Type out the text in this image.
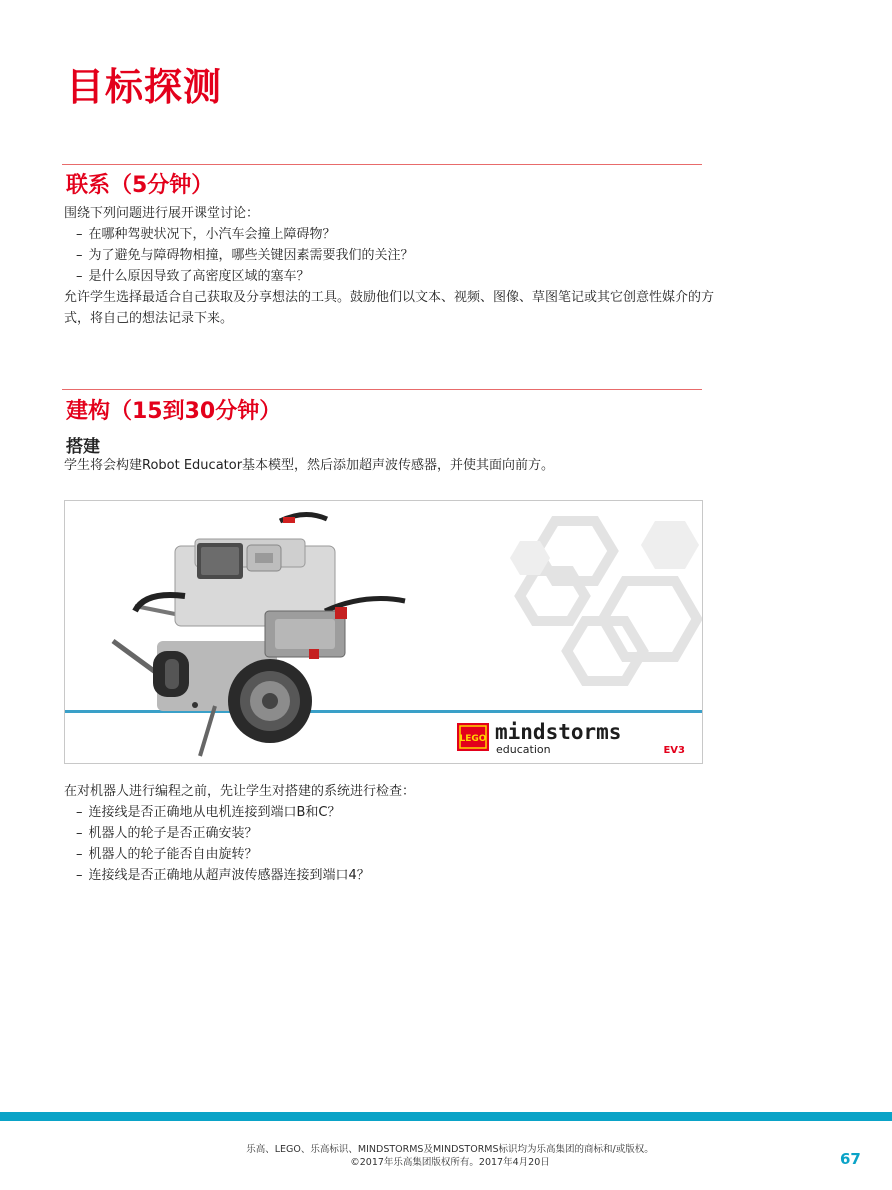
目标探测
联系（5分钟）
围绕下列问题进行展开课堂讨论：
– 在哪种驾驶状况下，小汽车会撞上障碍物？
– 为了避免与障碍物相撞，哪些关键因素需要我们的关注？
– 是什么原因导致了高密度区域的塞车？
允许学生选择最适合自己获取及分享想法的工具。鼓励他们以文本、视频、图像、草图笔记或其它创意性媒介的方式，将自己的想法记录下来。
建构（15到30分钟）
搭建
学生将会构建Robot Educator基本模型，然后添加超声波传感器，并使其面向前方。
LEGO mindstorms
education	EV3
在对机器人进行编程之前，先让学生对搭建的系统进行检查：
– 连接线是否正确地从电机连接到端口B和C？
– 机器人的轮子是否正确安装？
– 机器人的轮子能否自由旋转？
– 连接线是否正确地从超声波传感器连接到端口4？
乐高、LEGO、乐高标识、MINDSTORMS及MINDSTORMS标识均为乐高集团的商标和/或版权。
©2017年乐高集团版权所有。2017年4月20日	67
